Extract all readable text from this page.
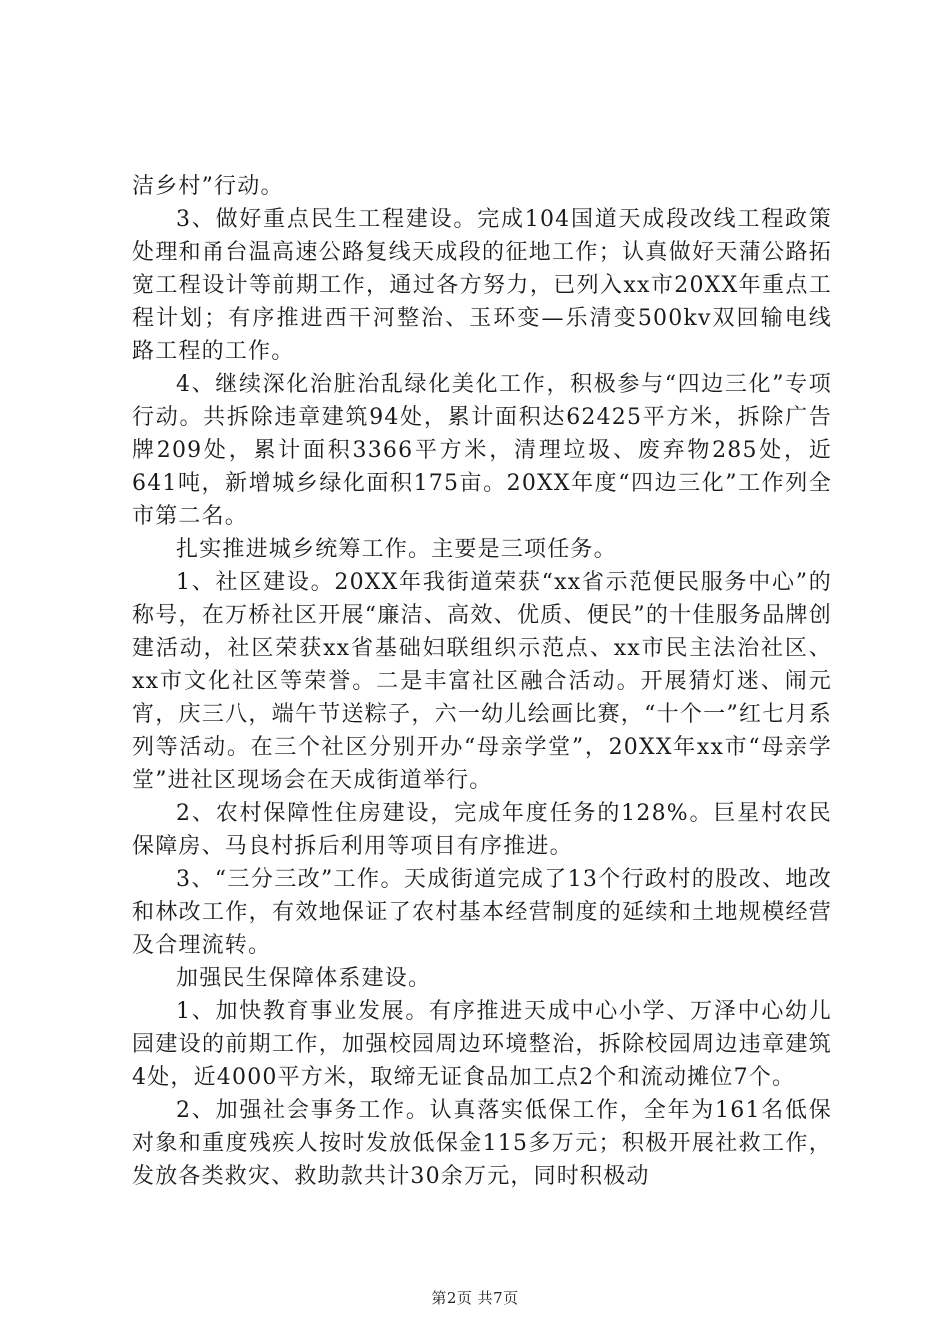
洁乡村”行动。

3、做好重点民生工程建设。完成104国道天成段改线工程政策处理和甬台温高速公路复线天成段的征地工作；认真做好天蒲公路拓宽工程设计等前期工作，通过各方努力，已列入xx市20XX年重点工程计划；有序推进西干河整治、玉环变—乐清变500kv双回输电线路工程的工作。

4、继续深化治脏治乱绿化美化工作，积极参与“四边三化”专项行动。共拆除违章建筑94处，累计面积达62425平方米，拆除广告牌209处，累计面积3366平方米，清理垃圾、废弃物285处，近641吨，新增城乡绿化面积175亩。20XX年度“四边三化”工作列全市第二名。

扎实推进城乡统筹工作。主要是三项任务。

1、社区建设。20XX年我街道荣获“xx省示范便民服务中心”的称号，在万桥社区开展“廉洁、高效、优质、便民”的十佳服务品牌创建活动，社区荣获xx省基础妇联组织示范点、xx市民主法治社区、xx市文化社区等荣誉。二是丰富社区融合活动。开展猜灯迷、闹元宵，庆三八，端午节送粽子，六一幼儿绘画比赛，“十个一”红七月系列等活动。在三个社区分别开办“母亲学堂”，20XX年xx市“母亲学堂”进社区现场会在天成街道举行。

2、农村保障性住房建设，完成年度任务的128%。巨星村农民保障房、马良村拆后利用等项目有序推进。

3、“三分三改”工作。天成街道完成了13个行政村的股改、地改和林改工作，有效地保证了农村基本经营制度的延续和土地规模经营及合理流转。

加强民生保障体系建设。

1、加快教育事业发展。有序推进天成中心小学、万泽中心幼儿园建设的前期工作，加强校园周边环境整治，拆除校园周边违章建筑4处，近4000平方米，取缔无证食品加工点2个和流动摊位7个。

2、加强社会事务工作。认真落实低保工作，全年为161名低保对象和重度残疾人按时发放低保金115多万元；积极开展社救工作，发放各类救灾、救助款共计30余万元，同时积极动

第2页 共7页
